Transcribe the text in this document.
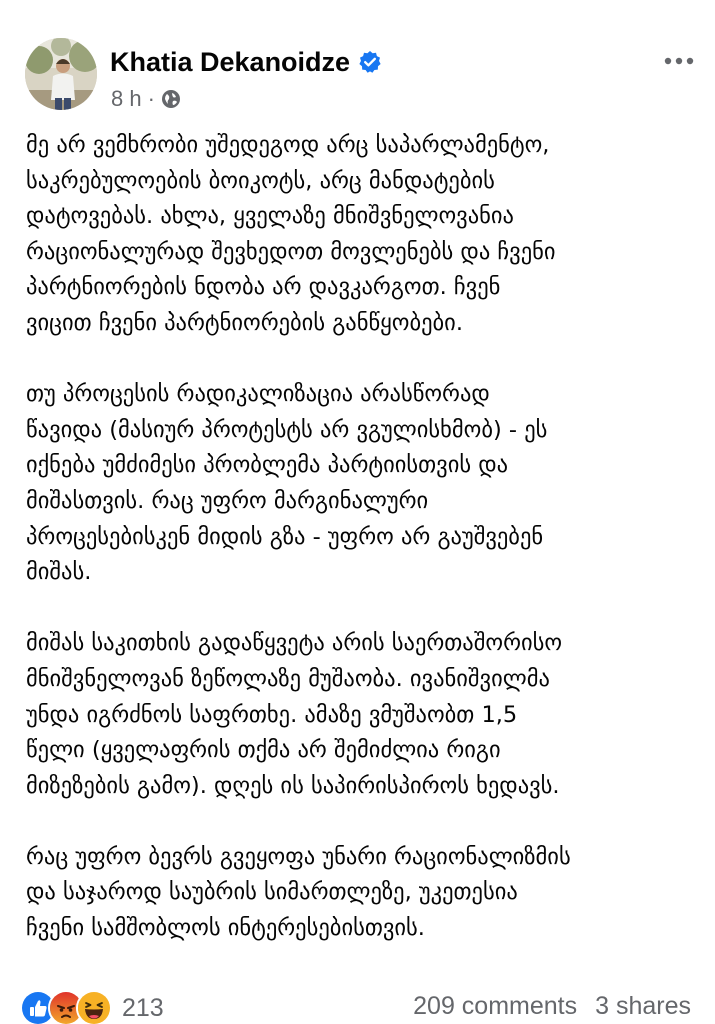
Khatia Dekanoidze
8 h ·

მე არ ვემხრობი უშედეგოდ არც საპარლამენტო,
საკრებულოების ბოიკოტს, არც მანდატების
დატოვებას. ახლა, ყველაზე მნიშვნელოვანია
რაციონალურად შევხედოთ მოვლენებს და ჩვენი
პარტნიორების ნდობა არ დავკარგოთ. ჩვენ
ვიცით ჩვენი პარტნიორების განწყობები.

თუ პროცესის რადიკალიზაცია არასწორად
წავიდა (მასიურ პროტესტს არ ვგულისხმობ) - ეს
იქნება უმძიმესი პრობლემა პარტიისთვის და
მიშასთვის. რაც უფრო მარგინალური
პროცესებისკენ მიდის გზა - უფრო არ გაუშვებენ
მიშას.

მიშას საკითხის გადაწყვეტა არის საერთაშორისო
მნიშვნელოვან ზეწოლაზე მუშაობა. ივანიშვილმა
უნდა იგრძნოს საფრთხე. ამაზე ვმუშაობთ 1,5
წელი (ყველაფრის თქმა არ შემიძლია რიგი
მიზეზების გამო). დღეს ის საპირისპიროს ხედავს.

რაც უფრო ბევრს გვეყოფა უნარი რაციონალიზმის
და საჯაროდ საუბრის სიმართლეზე, უკეთესია
ჩვენი სამშობლოს ინტერესებისთვის.

213	209 comments 3 shares
